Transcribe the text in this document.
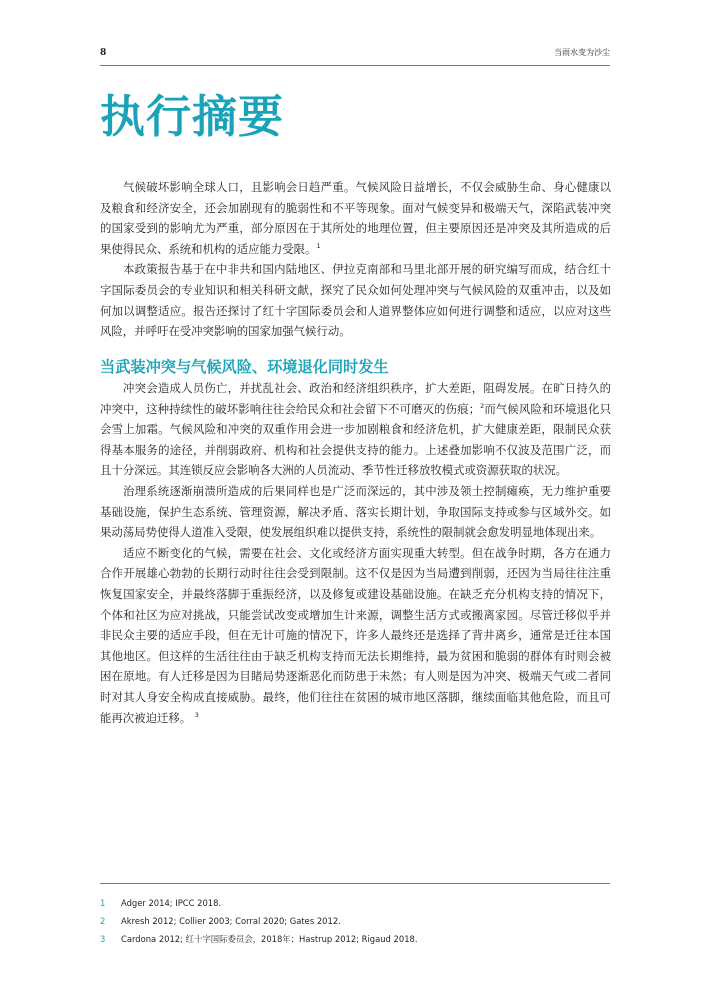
8	当雨水变为沙尘
执行摘要

气候破坏影响全球人口，且影响会日趋严重。气候风险日益增长，不仅会威胁生命、身心健康以及粮食和经济安全，还会加剧现有的脆弱性和不平等现象。面对气候变异和极端天气，深陷武装冲突的国家受到的影响尤为严重，部分原因在于其所处的地理位置，但主要原因还是冲突及其所造成的后果使得民众、系统和机构的适应能力受限。$^1$

本政策报告基于在中非共和国内陆地区、伊拉克南部和马里北部开展的研究编写而成，结合红十字国际委员会的专业知识和相关科研文献，探究了民众如何处理冲突与气候风险的双重冲击，以及如何加以调整适应。报告还探讨了红十字国际委员会和人道界整体应如何进行调整和适应，以应对这些风险，并呼吁在受冲突影响的国家加强气候行动。

当武装冲突与气候风险、环境退化同时发生

冲突会造成人员伤亡，并扰乱社会、政治和经济组织秩序，扩大差距，阻碍发展。在旷日持久的冲突中，这种持续性的破坏影响往往会给民众和社会留下不可磨灭的伤痕；$^2$而气候风险和环境退化只会雪上加霜。气候风险和冲突的双重作用会进一步加剧粮食和经济危机，扩大健康差距，限制民众获得基本服务的途径，并削弱政府、机构和社会提供支持的能力。上述叠加影响不仅波及范围广泛，而且十分深远。其连锁反应会影响各大洲的人员流动、季节性迁移放牧模式或资源获取的状况。

治理系统逐渐崩溃所造成的后果同样也是广泛而深远的，其中涉及领土控制瘫痪，无力维护重要基础设施，保护生态系统、管理资源，解决矛盾、落实长期计划，争取国际支持或参与区域外交。如果动荡局势使得人道准入受限，使发展组织难以提供支持，系统性的限制就会愈发明显地体现出来。

适应不断变化的气候，需要在社会、文化或经济方面实现重大转型。但在战争时期，各方在通力合作开展雄心勃勃的长期行动时往往会受到限制。这不仅是因为当局遭到削弱，还因为当局往往注重恢复国家安全，并最终落脚于重振经济，以及修复或建设基础设施。在缺乏充分机构支持的情况下，个体和社区为应对挑战，只能尝试改变或增加生计来源，调整生活方式或搬离家园。尽管迁移似乎并非民众主要的适应手段，但在无计可施的情况下，许多人最终还是选择了背井离乡，通常是迁往本国其他地区。但这样的生活往往由于缺乏机构支持而无法长期维持，最为贫困和脆弱的群体有时则会被困在原地。有人迁移是因为目睹局势逐渐恶化而防患于未然；有人则是因为冲突、极端天气或二者同时对其人身安全构成直接威胁。最终，他们往往在贫困的城市地区落脚，继续面临其他危险，而且可能再次被迫迁移。 $^3$

1	Adger 2014; IPCC 2018.
2	Akresh 2012; Collier 2003; Corral 2020; Gates 2012.
3	Cardona 2012; 红十字国际委员会，2018年；Hastrup 2012; Rigaud 2018.
